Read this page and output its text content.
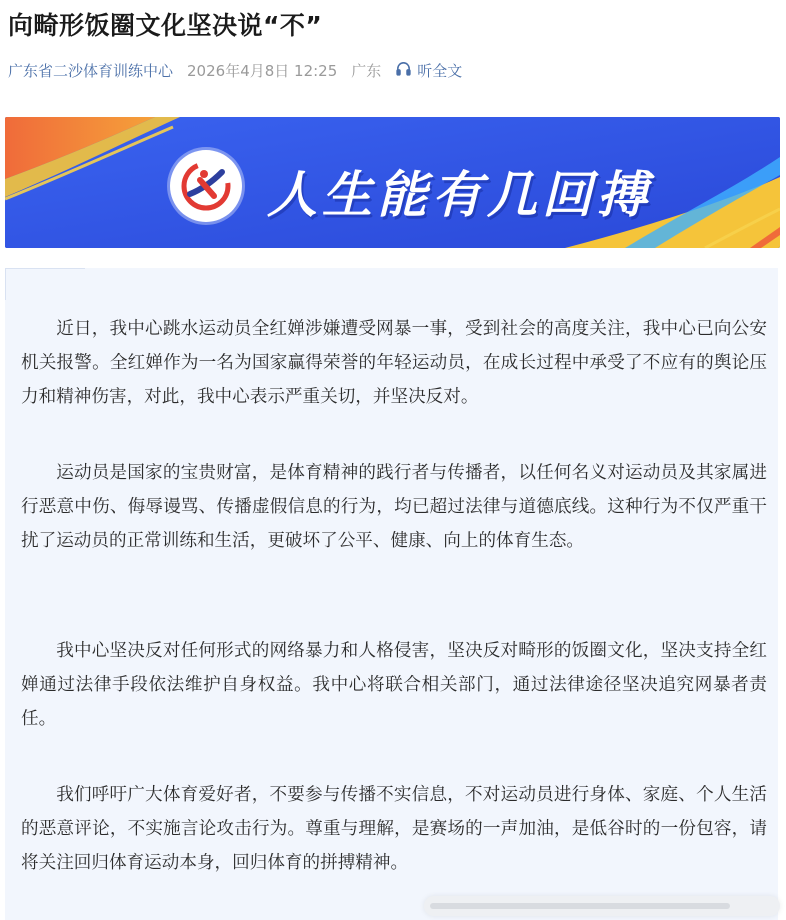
向畸形饭圈文化坚决说“不”
广东省二沙体育训练中心 2026年4月8日 12:25 广东 听全文
人生能有几回搏

近日，我中心跳水运动员全红婵涉嫌遭受网暴一事，受到社会的高度关注，我中心已向公安机关报警。全红婵作为一名为国家赢得荣誉的年轻运动员，在成长过程中承受了不应有的舆论压力和精神伤害，对此，我中心表示严重关切，并坚决反对。

运动员是国家的宝贵财富，是体育精神的践行者与传播者，以任何名义对运动员及其家属进行恶意中伤、侮辱谩骂、传播虚假信息的行为，均已超过法律与道德底线。这种行为不仅严重干扰了运动员的正常训练和生活，更破坏了公平、健康、向上的体育生态。

我中心坚决反对任何形式的网络暴力和人格侵害，坚决反对畸形的饭圈文化，坚决支持全红婵通过法律手段依法维护自身权益。我中心将联合相关部门，通过法律途径坚决追究网暴者责任。

我们呼吁广大体育爱好者，不要参与传播不实信息，不对运动员进行身体、家庭、个人生活的恶意评论，不实施言论攻击行为。尊重与理解，是赛场的一声加油，是低谷时的一份包容，请将关注回归体育运动本身，回归体育的拼搏精神。
